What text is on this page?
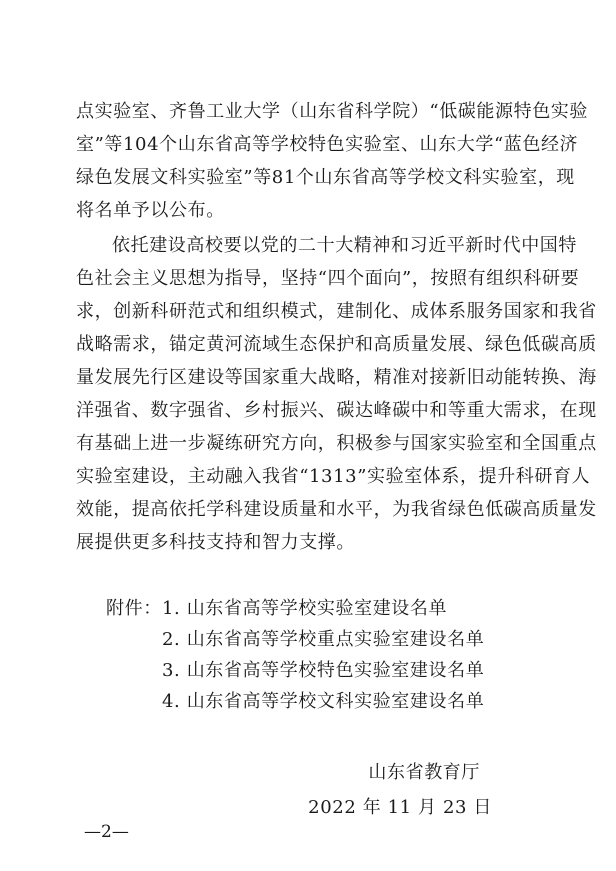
点实验室、齐鲁工业大学（山东省科学院）“低碳能源特色实验
室”等104个山东省高等学校特色实验室、山东大学“蓝色经济
绿色发展文科实验室”等81个山东省高等学校文科实验室，现
将名单予以公布。
依托建设高校要以党的二十大精神和习近平新时代中国特
色社会主义思想为指导，坚持“四个面向”，按照有组织科研要
求，创新科研范式和组织模式，建制化、成体系服务国家和我省
战略需求，锚定黄河流域生态保护和高质量发展、绿色低碳高质
量发展先行区建设等国家重大战略，精准对接新旧动能转换、海
洋强省、数字强省、乡村振兴、碳达峰碳中和等重大需求，在现
有基础上进一步凝练研究方向，积极参与国家实验室和全国重点
实验室建设，主动融入我省“1313”实验室体系，提升科研育人
效能，提高依托学科建设质量和水平，为我省绿色低碳高质量发
展提供更多科技支持和智力支撑。
附件：1. 山东省高等学校实验室建设名单
2. 山东省高等学校重点实验室建设名单
3. 山东省高等学校特色实验室建设名单
4. 山东省高等学校文科实验室建设名单
山东省教育厅
2022 年 11 月 23 日
—2—
